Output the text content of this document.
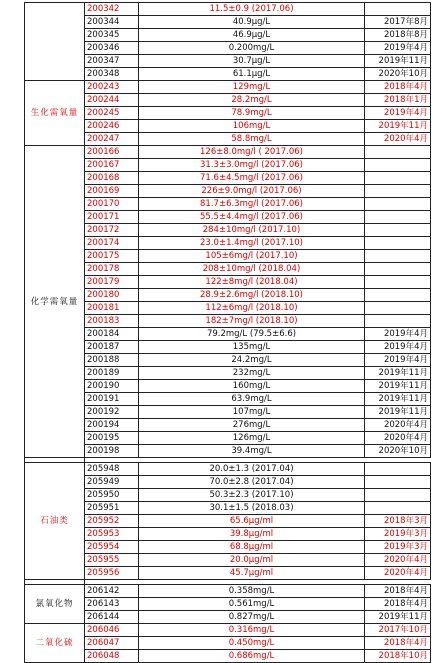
	200342	11.5±0.9 (2017.06)	
	200344	40.9μg/L	2017年8月
	200345	46.9μg/L	2018年8月
	200346	0.200mg/L	2019年4月
	200347	30.7μg/L	2019年11月
	200348	61.1μg/L	2020年10月
生化需氧量	200243	129mg/L	2018年4月
	200244	28.2mg/L	2018年1月
	200245	78.9mg/L	2019年4月
	200246	106mg/L	2019年11月
	200247	58.8mg/L	2020年4月
化学需氧量	200166	126±8.0mg/l ( 2017.06)	
	200167	31.3±3.0mg/l (2017.06)	
	200168	71.6±4.5mg/l (2017.06)	
	200169	226±9.0mg/l (2017.06)	
	200170	81.7±6.3mg/l (2017.06)	
	200171	55.5±4.4mg/l (2017.06)	
	200172	284±10mg/l (2017.10)	
	200174	23.0±1.4mg/l (2017.10)	
	200175	105±6mg/l (2017.10)	
	200178	208±10mg/l (2018.04)	
	200179	122±8mg/l (2018.04)	
	200180	28.9±2.6mg/l (2018.10)	
	200181	112±6mg/l (2018.10)	
	200183	182±7mg/l (2018.10)	
	200184	79.2mg/L (79.5±6.6)	2019年4月
	200187	135mg/L	2019年4月
	200188	24.2mg/L	2019年4月
	200189	232mg/L	2019年11月
	200190	160mg/L	2019年11月
	200191	63.9mg/L	2019年11月
	200192	107mg/L	2019年11月
	200194	276mg/L	2020年4月
	200195	126mg/L	2020年4月
	200198	39.4mg/L	2020年10月

石油类	205948	20.0±1.3 (2017.04)	
	205949	70.0±2.8 (2017.04)	
	205950	50.3±2.3 (2017.10)	
	205951	30.1±1.5 (2018.03)	
	205952	65.6μg/ml	2018年3月
	205953	39.8μg/ml	2019年3月
	205954	68.8μg/ml	2019年3月
	205955	20.0μg/ml	2020年4月
	205956	45.7μg/ml	2020年4月

氯氧化物	206142	0.358mg/L	2018年4月
	206143	0.561mg/L	2018年4月
	206144	0.827mg/L	2019年11月
二氧化硫	206046	0.316mg/L	2017年10月
	206047	0.450mg/L	2018年4月
	206048	0.686mg/L	2018年10月
